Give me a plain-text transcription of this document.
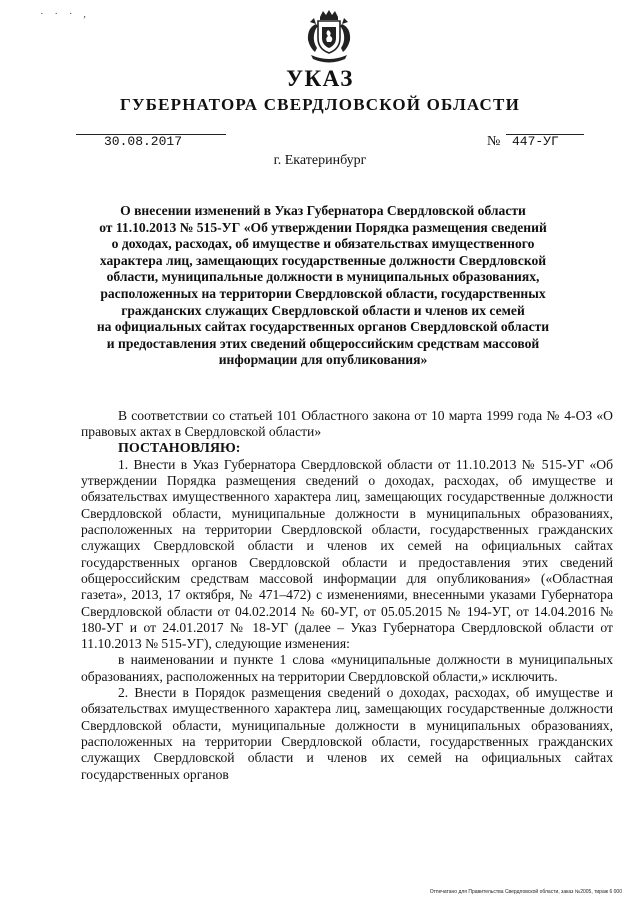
· · · ,
УКАЗ
ГУБЕРНАТОРА СВЕРДЛОВСКОЙ ОБЛАСТИ
30.08.2017	№ 447-УГ
г. Екатеринбург
О внесении изменений в Указ Губернатора Свердловской области
от 11.10.2013 № 515-УГ «Об утверждении Порядка размещения сведений
о доходах, расходах, об имуществе и обязательствах имущественного
характера лиц, замещающих государственные должности Свердловской
области, муниципальные должности в муниципальных образованиях,
расположенных на территории Свердловской области, государственных
гражданских служащих Свердловской области и членов их семей
на официальных сайтах государственных органов Свердловской области
и предоставления этих сведений общероссийским средствам массовой
информации для опубликования»

В соответствии со статьей 101 Областного закона от 10 марта 1999 года № 4-ОЗ «О правовых актах в Свердловской области»

ПОСТАНОВЛЯЮ:

1. Внести в Указ Губернатора Свердловской области от 11.10.2013 № 515-УГ «Об утверждении Порядка размещения сведений о доходах, расходах, об имуществе и обязательствах имущественного характера лиц, замещающих государственные должности Свердловской области, муниципальные должности в муниципальных образованиях, расположенных на территории Свердловской области, государственных гражданских служащих Свердловской области и членов их семей на официальных сайтах государственных органов Свердловской области и предоставления этих сведений общероссийским средствам массовой информации для опубликования» («Областная газета», 2013, 17 октября, № 471–472) с изменениями, внесенными указами Губернатора Свердловской области от 04.02.2014 № 60-УГ, от 05.05.2015 № 194-УГ, от 14.04.2016 № 180-УГ и от 24.01.2017 № 18-УГ (далее – Указ Губернатора Свердловской области от 11.10.2013 № 515-УГ), следующие изменения:

в наименовании и пункте 1 слова «муниципальные должности в муниципальных образованиях, расположенных на территории Свердловской области,» исключить.

2. Внести в Порядок размещения сведений о доходах, расходах, об имуществе и обязательствах имущественного характера лиц, замещающих государственные должности Свердловской области, муниципальные должности в муниципальных образованиях, расположенных на территории Свердловской области, государственных гражданских служащих Свердловской области и членов их семей на официальных сайтах государственных органов

Отпечатано для Правительства Свердловской области, заказ №2005, тираж 6 000
